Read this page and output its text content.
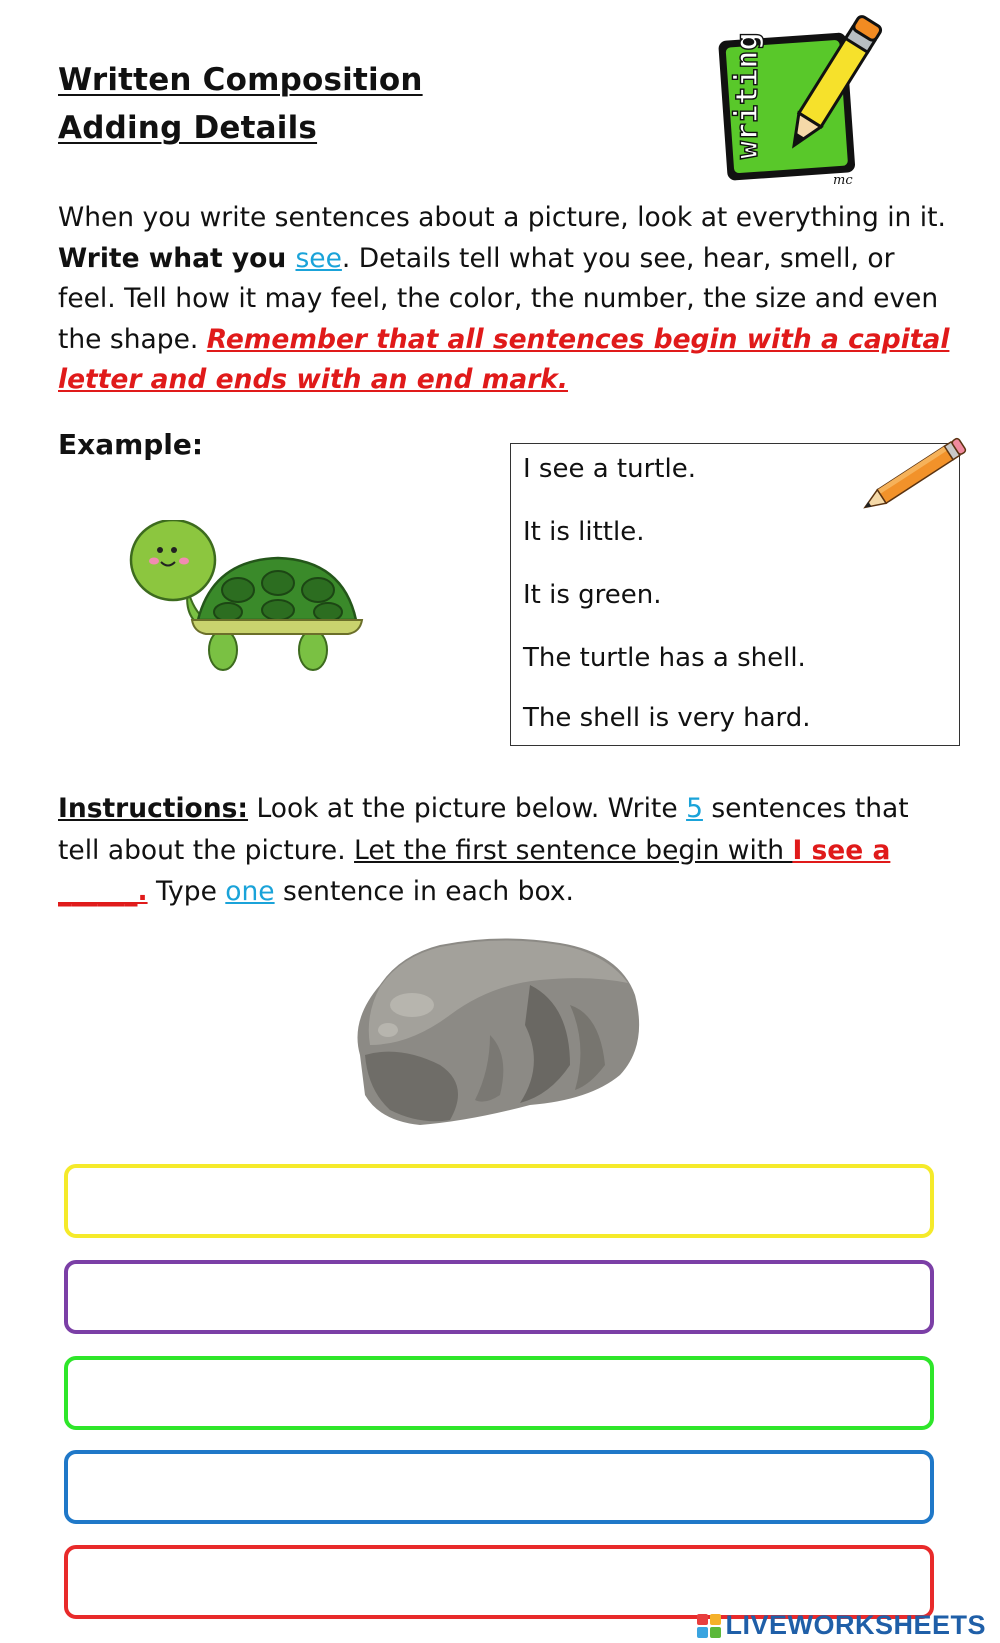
Written Composition
Adding Details	writing
mc
When you write sentences about a picture, look at everything in it. Write what you see. Details tell what you see, hear, smell, or feel. Tell how it may feel, the color, the number, the size and even the shape. Remember that all sentences begin with a capital letter and ends with an end mark.
Example:
I see a turtle.
It is little.
It is green.
The turtle has a shell.
The shell is very hard.
Instructions: Look at the picture below. Write 5 sentences that tell about the picture. Let the first sentence begin with I see a ______. Type one sentence in each box.
LIVEWORKSHEETS
